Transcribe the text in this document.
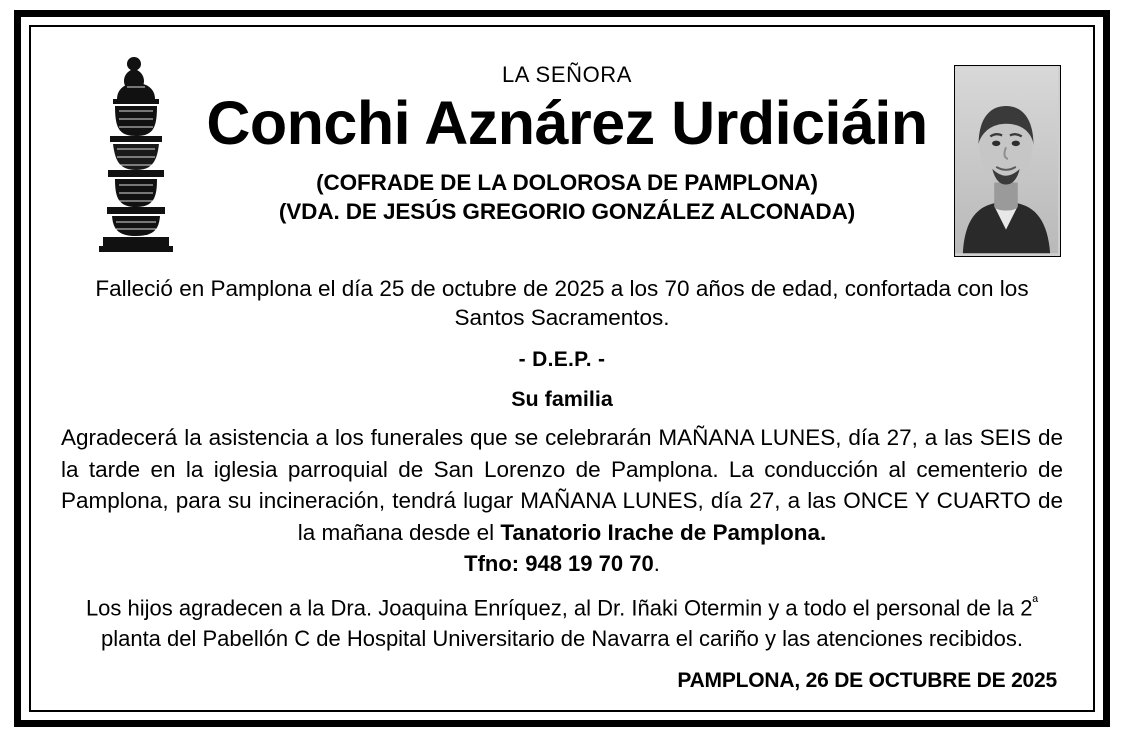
LA SEÑORA
Conchi Aznárez Urdiciáin
(COFRADE DE LA DOLOROSA DE PAMPLONA)
(VDA. DE JESÚS GREGORIO GONZÁLEZ ALCONADA)
Falleció en Pamplona el día 25 de octubre de 2025 a los 70 años de edad, confortada con los Santos Sacramentos.
- D.E.P. -
Su familia
Agradecerá la asistencia a los funerales que se celebrarán MAÑANA LUNES, día 27, a las SEIS de la tarde en la iglesia parroquial de San Lorenzo de Pamplona. La conducción al cementerio de Pamplona, para su incineración, tendrá lugar MAÑANA LUNES, día 27, a las ONCE Y CUARTO de la mañana desde el Tanatorio Irache de Pamplona.
Tfno: 948 19 70 70.
Los hijos agradecen a la Dra. Joaquina Enríquez, al Dr. Iñaki Otermin y a todo el personal de la $2^ª$ planta del Pabellón C de Hospital Universitario de Navarra el cariño y las atenciones recibidos.
PAMPLONA, 26 DE OCTUBRE DE 2025
